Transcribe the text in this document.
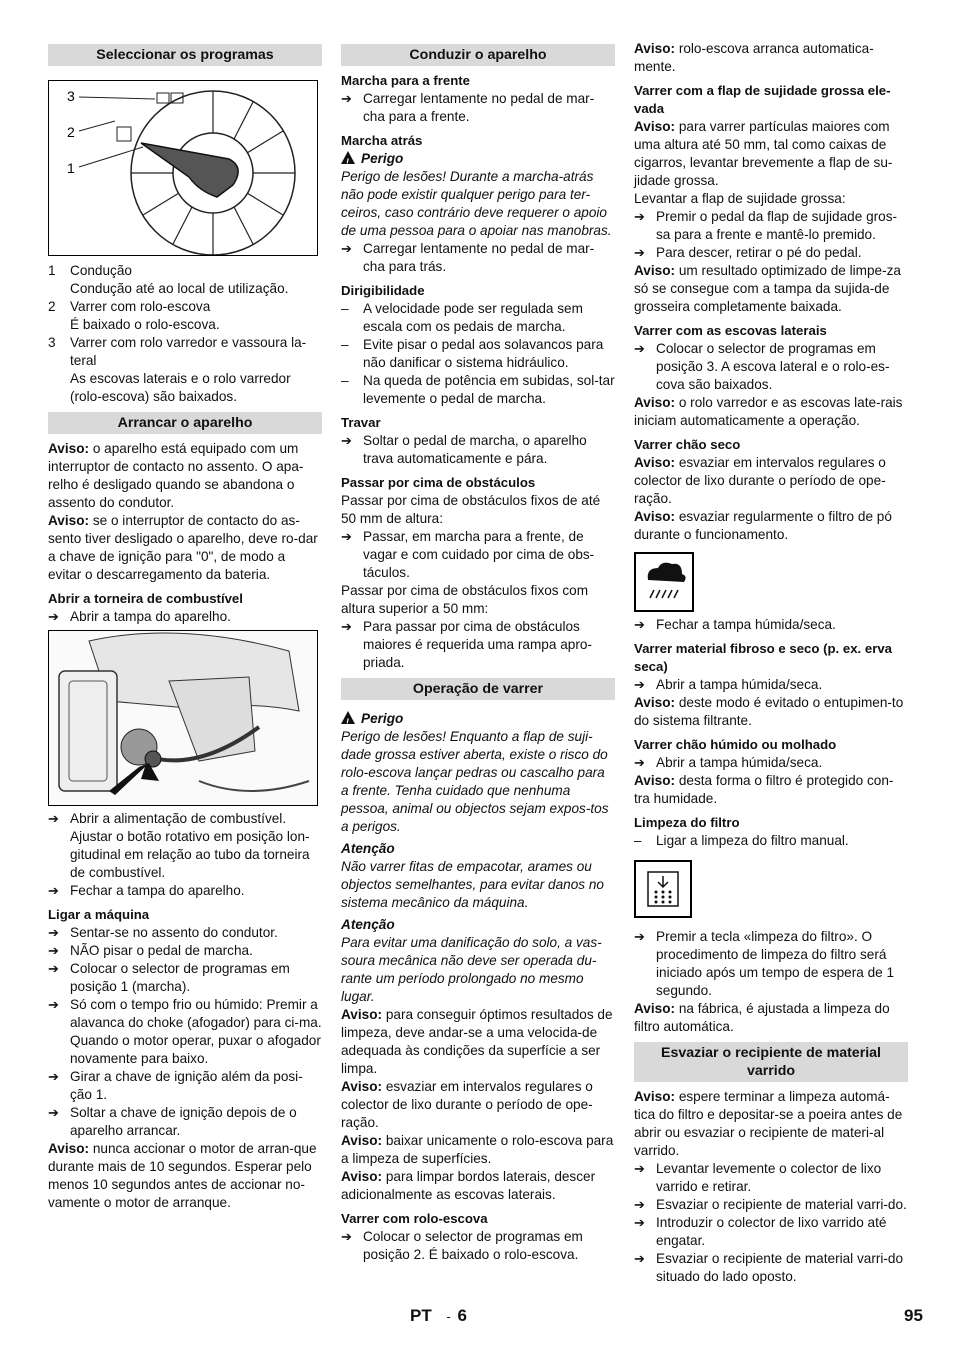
Seleccionar os programas
3
2
1

1 Condução

Condução até ao local de utilização.

2 Varrer com rolo-escova

É baixado o rolo-escova.

3 Varrer com rolo varredor e vassoura la-teral

As escovas laterais e o rolo varredor (rolo-escova) são baixados.

Arrancar o aparelho

Aviso: o aparelho está equipado com um interruptor de contacto no assento. O apa-relho é desligado quando se abandona o assento do condutor.

Aviso: se o interruptor de contacto do as-sento tiver desligado o aparelho, deve ro-dar a chave de ignição para "0", de modo a evitar o descarregamento da bateria.

Abrir a torneira de combustível

➔ Abrir a tampa do aparelho.

➔ Abrir a alimentação de combustível. Ajustar o botão rotativo em posição lon-gitudinal em relação ao tubo da torneira de combustível.

➔ Fechar a tampa do aparelho.

Ligar a máquina

➔ Sentar-se no assento do condutor.

➔ NÃO pisar o pedal de marcha.

➔ Colocar o selector de programas em posição 1 (marcha).

➔ Só com o tempo frio ou húmido: Premir a alavanca do choke (afogador) para ci-ma. Quando o motor operar, puxar o afogador novamente para baixo.

➔ Girar a chave de ignição além da posi-ção 1.

➔ Soltar a chave de ignição depois de o aparelho arrancar.

Aviso: nunca accionar o motor de arran-que durante mais de 10 segundos. Esperar pelo menos 10 segundos antes de accionar no-vamente o motor de arranque.

Conduzir o aparelho

Marcha para a frente

➔ Carregar lentamente no pedal de mar-cha para a frente.

Marcha atrás

!Perigo

Perigo de lesões! Durante a marcha-atrás não pode existir qualquer perigo para ter-ceiros, caso contrário deve requerer o apoio de uma pessoa para o apoiar nas manobras.

➔ Carregar lentamente no pedal de mar-cha para trás.

Dirigibilidade

–	A velocidade pode ser regulada sem escala com os pedais de marcha.

–	Evite pisar o pedal aos solavancos para não danificar o sistema hidráulico.

–	Na queda de potência em subidas, sol-tar levemente o pedal de marcha.

Travar

➔ Soltar o pedal de marcha, o aparelho trava automaticamente e pára.

Passar por cima de obstáculos

Passar por cima de obstáculos fixos de até 50 mm de altura:

➔ Passar, em marcha para a frente, de vagar e com cuidado por cima de obs-táculos.

Passar por cima de obstáculos fixos com altura superior a 50 mm:

➔ Para passar por cima de obstáculos maiores é requerida uma rampa apro-priada.

Operação de varrer

!Perigo

Perigo de lesões! Enquanto a flap de suji-dade grossa estiver aberta, existe o risco do rolo-escova lançar pedras ou cascalho para a frente. Tenha cuidado que nenhuma pessoa, animal ou objectos sejam expos-tos a perigos.

Atenção

Não varrer fitas de empacotar, arames ou objectos semelhantes, para evitar danos no sistema mecânico da máquina.

Atenção

Para evitar uma danificação do solo, a vas-soura mecânica não deve ser operada du-rante um período prolongado no mesmo lugar.

Aviso: para conseguir óptimos resultados de limpeza, deve andar-se a uma velocida-de adequada às condições da superfície a ser limpa.

Aviso: esvaziar em intervalos regulares o colector de lixo durante o período de ope-ração.

Aviso: baixar unicamente o rolo-escova para a limpeza de superfícies.

Aviso: para limpar bordos laterais, descer adicionalmente as escovas laterais.

Varrer com rolo-escova

➔ Colocar o selector de programas em posição 2. É baixado o rolo-escova.

Aviso: rolo-escova arranca automatica-mente.

Varrer com a flap de sujidade grossa ele-vada

Aviso: para varrer partículas maiores com uma altura até 50 mm, tal como caixas de cigarros, levantar brevemente a flap de su-jidade grossa.

Levantar a flap de sujidade grossa:

➔ Premir o pedal da flap de sujidade gros-sa para a frente e mantê-lo premido.

➔ Para descer, retirar o pé do pedal.

Aviso: um resultado optimizado de limpe-za só se consegue com a tampa da sujida-de grosseira completamente baixada.

Varrer com as escovas laterais

➔ Colocar o selector de programas em posição 3. A escova lateral e o rolo-es-cova são baixados.

Aviso: o rolo varredor e as escovas late-rais iniciam automaticamente a operação.

Varrer chão seco

Aviso: esvaziar em intervalos regulares o colector de lixo durante o período de ope-ração.

Aviso: esvaziar regularmente o filtro de pó durante o funcionamento.

➔ Fechar a tampa húmida/seca.

Varrer material fibroso e seco (p. ex. erva seca)

➔ Abrir a tampa húmida/seca.

Aviso: deste modo é evitado o entupimen-to do sistema filtrante.

Varrer chão húmido ou molhado

➔ Abrir a tampa húmida/seca.

Aviso: desta forma o filtro é protegido con-tra humidade.

Limpeza do filtro

–	Ligar a limpeza do filtro manual.

➔ Premir a tecla «limpeza do filtro». O procedimento de limpeza do filtro será iniciado após um tempo de espera de 1 segundo.

Aviso: na fábrica, é ajustada a limpeza do filtro automática.

Esvaziar o recipiente de material varrido

Aviso: espere terminar a limpeza automá-tica do filtro e depositar-se a poeira antes de abrir ou esvaziar o recipiente de materi-al varrido.

➔ Levantar levemente o colector de lixo varrido e retirar.

➔ Esvaziar o recipiente de material varri-do.

➔ Introduzir o colector de lixo varrido até engatar.

➔ Esvaziar o recipiente de material varri-do situado do lado oposto.

PT - 6	95
